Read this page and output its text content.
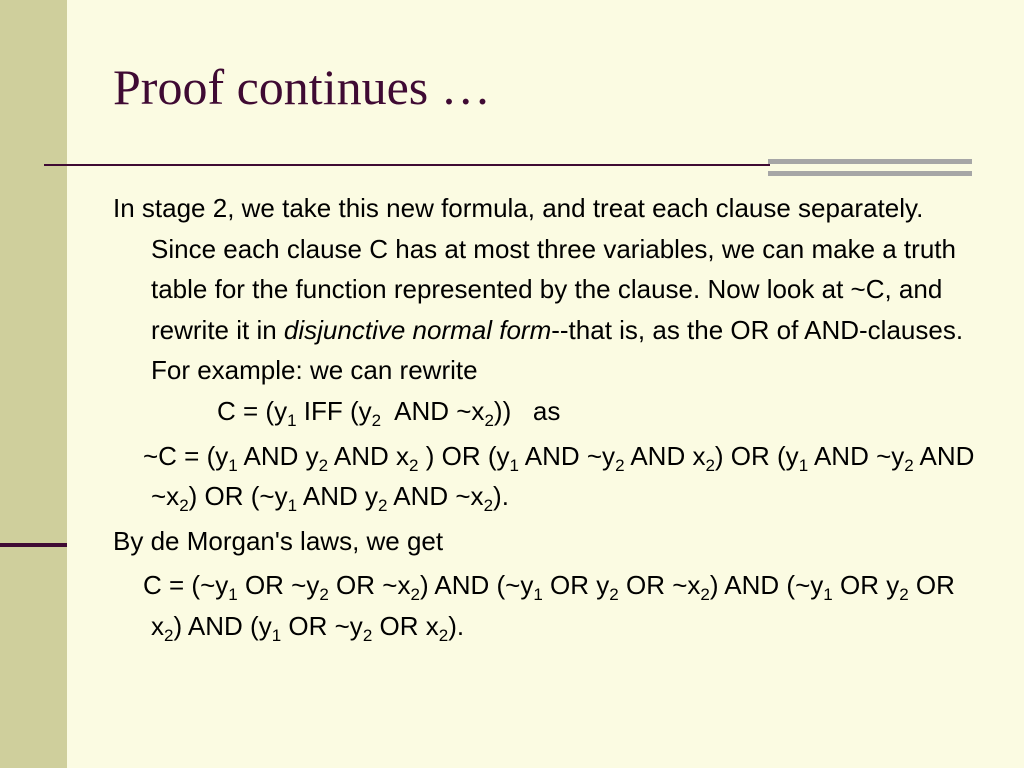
Proof continues …

In stage 2, we take this new formula, and treat each clause separately. Since each clause C has at most three variables, we can make a truth table for the function represented by the clause. Now look at ~C, and rewrite it in disjunctive normal form--that is, as the OR of AND-clauses. For example: we can rewrite

$C = (y_1$ IFF ($y_2$  AND $\sim x_2$))   as

~C = ($y_1$ AND $y_2$ AND $x_2$ ) OR ($y_1$ AND $\sim y_2$ AND $x_2$) OR ($y_1$ AND $\sim y_2$ AND $\sim x_2$) OR ($\sim y_1$ AND $y_2$ AND $\sim x_2$).

By de Morgan's laws, we get

$C = (\sim y_1$ OR $\sim y_2$ OR $\sim x_2$) AND ($\sim y_1$ OR $y_2$ OR $\sim x_2$) AND ($\sim y_1$ OR $y_2$ OR $x_2$) AND ($y_1$ OR $\sim y_2$ OR $x_2$).
